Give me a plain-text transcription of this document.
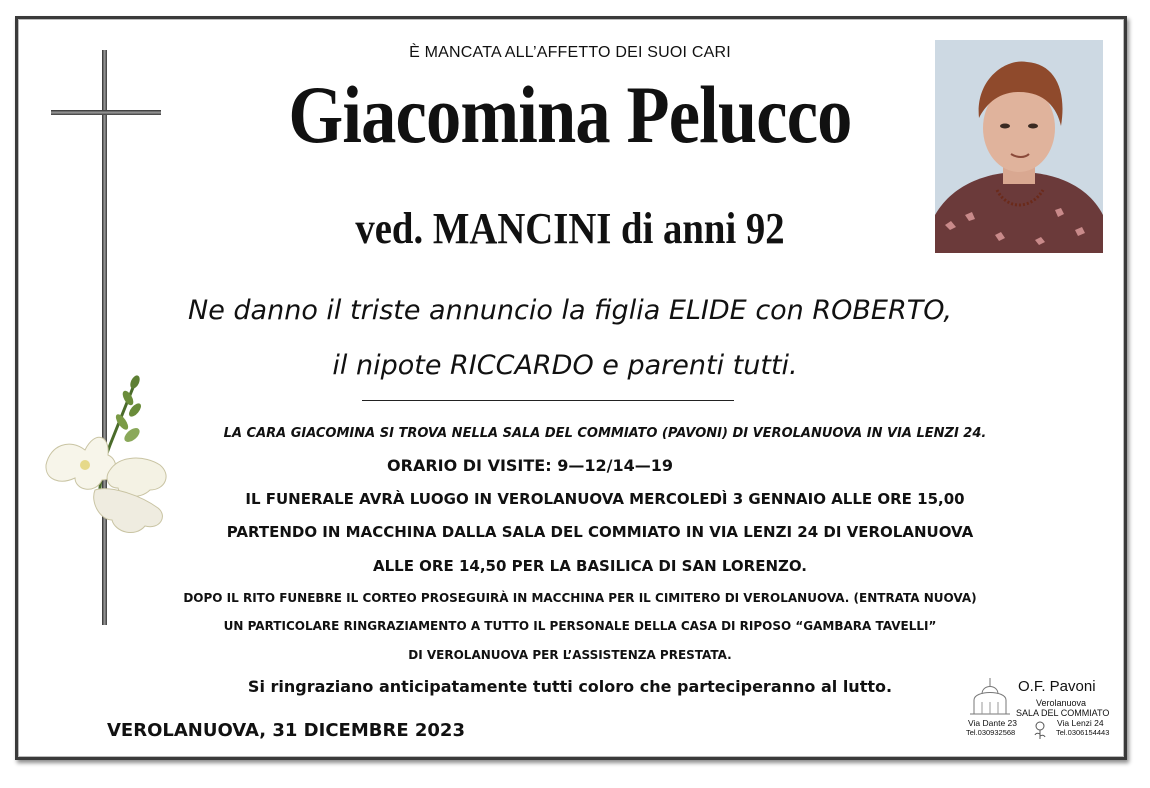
È MANCATA ALL’AFFETTO DEI SUOI CARI
Giacomina Pelucco
ved. MANCINI di anni 92
Ne danno il triste annuncio la figlia ELIDE con ROBERTO,
il nipote RICCARDO e parenti tutti.
LA CARA GIACOMINA SI TROVA NELLA SALA DEL COMMIATO (PAVONI) DI VEROLANUOVA IN VIA LENZI 24.
ORARIO DI VISITE: 9—12/14—19
IL FUNERALE AVRÀ LUOGO IN VEROLANUOVA MERCOLEDÌ 3 GENNAIO ALLE ORE 15,00
PARTENDO IN MACCHINA DALLA SALA DEL COMMIATO IN VIA LENZI 24 DI VEROLANUOVA
ALLE ORE 14,50 PER LA BASILICA DI SAN LORENZO.
DOPO IL RITO FUNEBRE IL CORTEO PROSEGUIRÀ IN MACCHINA PER IL CIMITERO DI VEROLANUOVA. (ENTRATA NUOVA)
UN PARTICOLARE RINGRAZIAMENTO A TUTTO IL PERSONALE DELLA CASA DI RIPOSO “GAMBARA TAVELLI”
DI VEROLANUOVA PER L’ASSISTENZA PRESTATA.
Si ringraziano anticipatamente tutti coloro che parteciperanno al lutto.
VEROLANUOVA, 31 DICEMBRE 2023
O.F. Pavoni
Verolanuova
SALA DEL COMMIATO
Via Dante 23	Via Lenzi 24
Tel.030932568	Tel.0306154443
